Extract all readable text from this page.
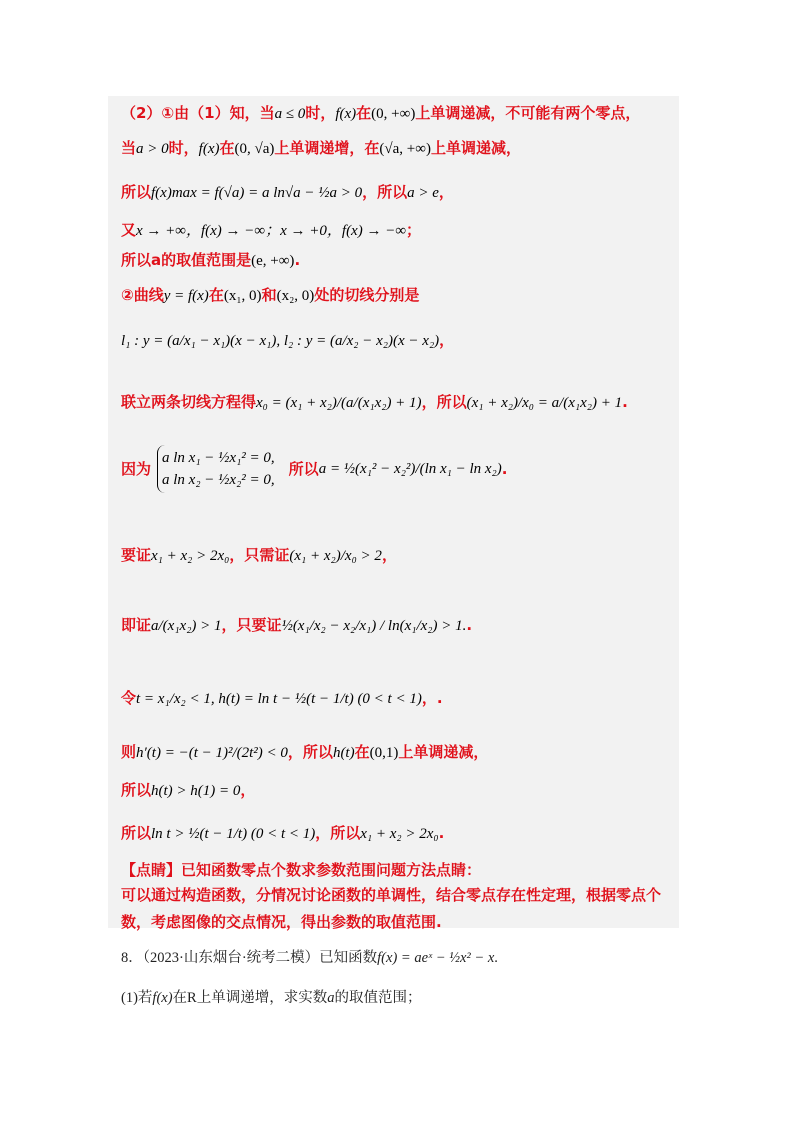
（2）①由（1）知，当a ≤ 0时，f(x)在(0, +∞)上单调递减，不可能有两个零点，
当a > 0时，f(x)在(0, √a)上单调递增，在(√a, +∞)上单调递减，
所以f(x)max = f(√a) = a ln√a − ½a > 0，所以a > e，
又x → +∞，f(x) → −∞；x → +0，f(x) → −∞；
所以a的取值范围是(e, +∞).
②曲线y = f(x)在(x₁, 0)和(x₂, 0)处的切线分别是
l₁ : y = (a/x₁ − x₁)(x − x₁), l₂ : y = (a/x₂ − x₂)(x − x₂)，
联立两条切线方程得x₀ = (x₁ + x₂)/(a/(x₁x₂) + 1)，所以(x₁ + x₂)/x₀ = a/(x₁x₂) + 1.
因为
a ln x₁ − ½x₁² = 0,
a ln x₂ − ½x₂² = 0,
所以a = ½(x₁² − x₂²)/(ln x₁ − ln x₂).
要证x₁ + x₂ > 2x₀，只需证(x₁ + x₂)/x₀ > 2，
即证a/(x₁x₂) > 1，只要证½(x₁/x₂ − x₂/x₁) / ln(x₁/x₂) > 1..
令t = x₁/x₂ < 1, h(t) = ln t − ½(t − 1/t) (0 < t < 1)，.
则h′(t) = −(t − 1)²/(2t²) < 0，所以h(t)在(0,1)上单调递减，
所以h(t) > h(1) = 0，
所以ln t > ½(t − 1/t) (0 < t < 1)，所以x₁ + x₂ > 2x₀.
【点睛】已知函数零点个数求参数范围问题方法点睛：
可以通过构造函数，分情况讨论函数的单调性，结合零点存在性定理，根据零点个数，考虑图像的交点情况，得出参数的取值范围.
8．（2023·山东烟台·统考二模）已知函数f(x) = aeˣ − ½x² − x.
(1)若f(x)在R上单调递增，求实数a的取值范围；
